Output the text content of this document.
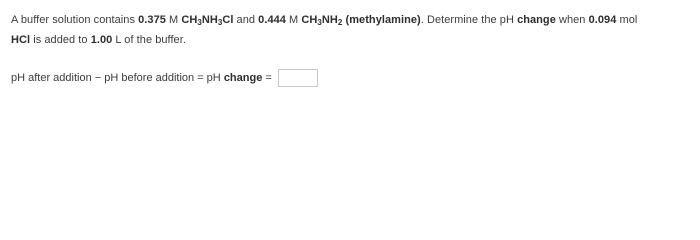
A buffer solution contains 0.375 M $CH_3NH_3Cl$ and 0.444 M $CH_3NH_2$ (methylamine). Determine the pH change when 0.094 mol
HCl is added to 1.00 L of the buffer.
pH after addition − pH before addition = pH change =
